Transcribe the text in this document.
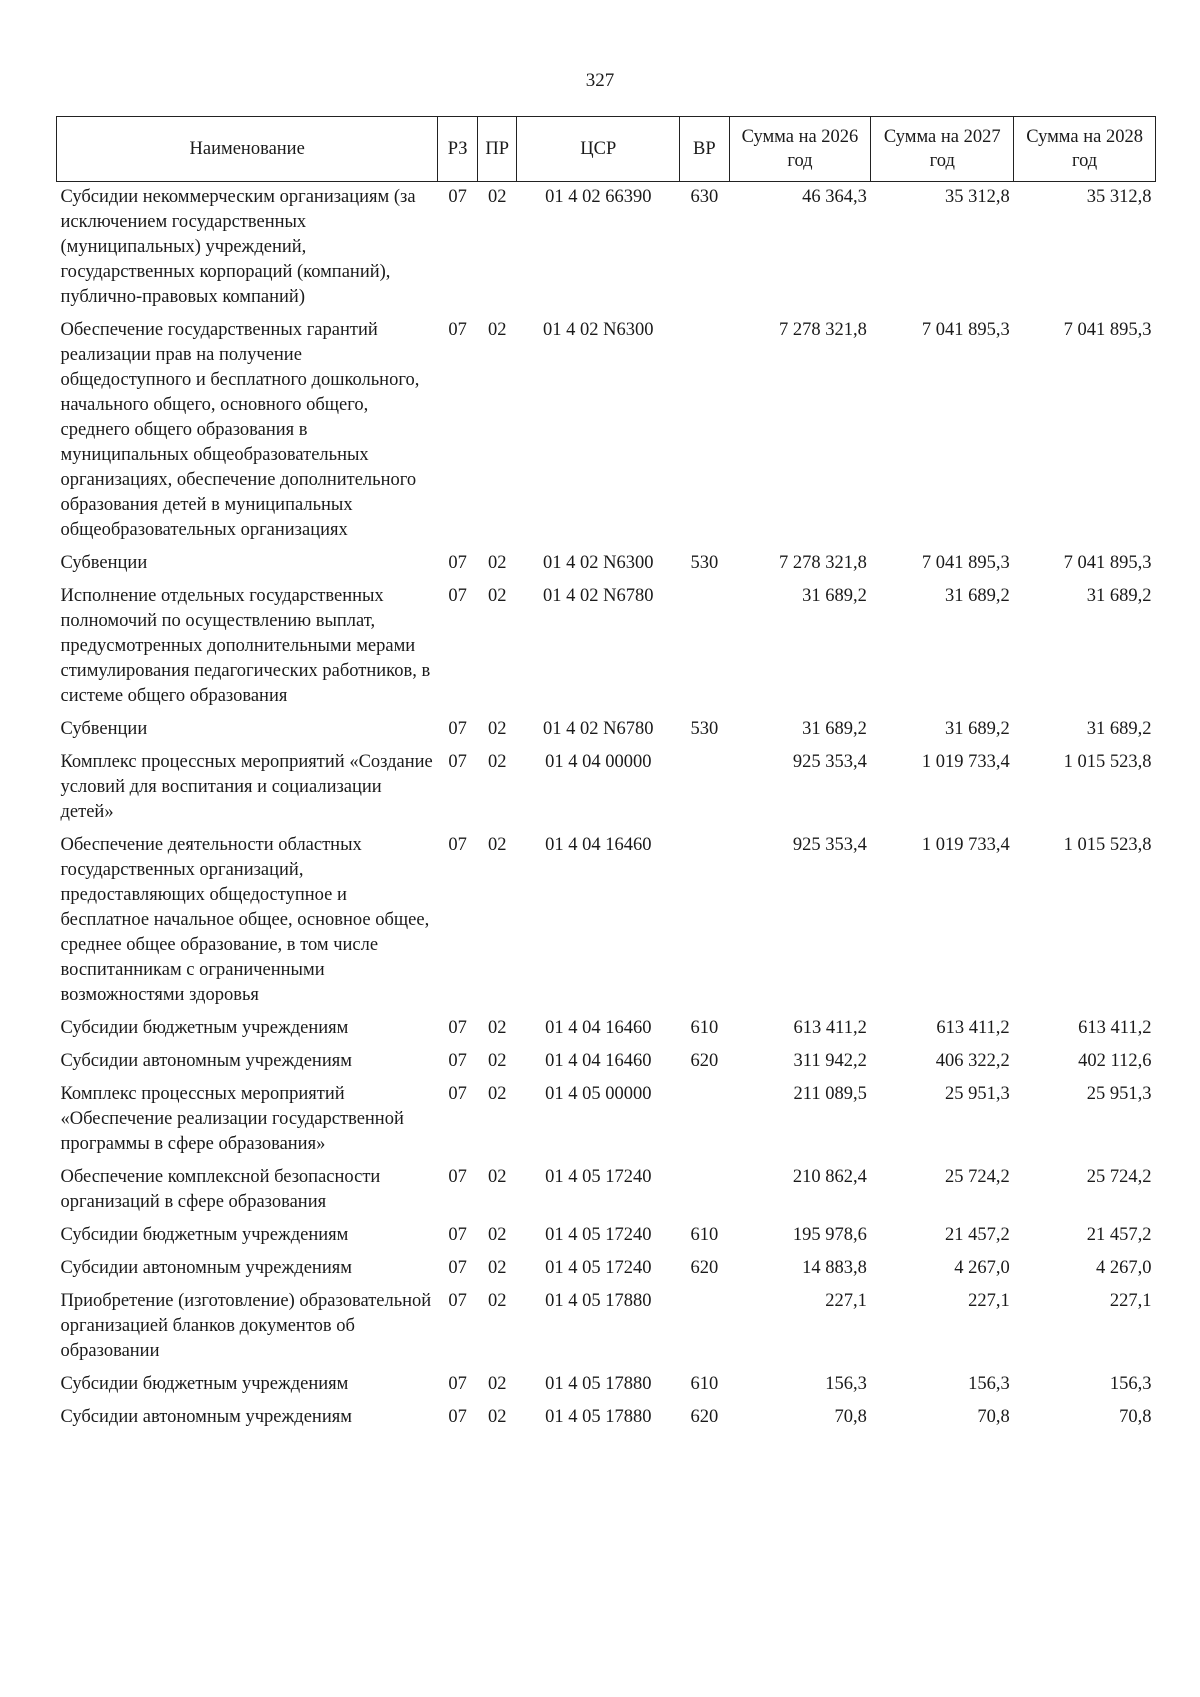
327
Наименование	РЗ	ПР	ЦСР	ВР	Сумма на 2026 год	Сумма на 2027 год	Сумма на 2028 год
Субсидии некоммерческим организациям (за исключением государственных (муниципальных) учреждений, государственных корпораций (компаний), публично-правовых компаний)	07	02	01 4 02 66390	630	46 364,3	35 312,8	35 312,8
Обеспечение государственных гарантий реализации прав на получение общедоступного и бесплатного дошкольного, начального общего, основного общего, среднего общего образования в муниципальных общеобразовательных организациях, обеспечение дополнительного образования детей в муниципальных общеобразовательных организациях	07	02	01 4 02 N6300		7 278 321,8	7 041 895,3	7 041 895,3
Субвенции	07	02	01 4 02 N6300	530	7 278 321,8	7 041 895,3	7 041 895,3
Исполнение отдельных государственных полномочий по осуществлению выплат, предусмотренных дополнительными мерами стимулирования педагогических работников, в системе общего образования	07	02	01 4 02 N6780		31 689,2	31 689,2	31 689,2
Субвенции	07	02	01 4 02 N6780	530	31 689,2	31 689,2	31 689,2
Комплекс процессных мероприятий «Создание условий для воспитания и социализации детей»	07	02	01 4 04 00000		925 353,4	1 019 733,4	1 015 523,8
Обеспечение деятельности областных государственных организаций, предоставляющих общедоступное и бесплатное начальное общее, основное общее, среднее общее образование, в том числе воспитанникам с ограниченными возможностями здоровья	07	02	01 4 04 16460		925 353,4	1 019 733,4	1 015 523,8
Субсидии бюджетным учреждениям	07	02	01 4 04 16460	610	613 411,2	613 411,2	613 411,2
Субсидии автономным учреждениям	07	02	01 4 04 16460	620	311 942,2	406 322,2	402 112,6
Комплекс процессных мероприятий «Обеспечение реализации государственной программы в сфере образования»	07	02	01 4 05 00000		211 089,5	25 951,3	25 951,3
Обеспечение комплексной безопасности организаций в сфере образования	07	02	01 4 05 17240		210 862,4	25 724,2	25 724,2
Субсидии бюджетным учреждениям	07	02	01 4 05 17240	610	195 978,6	21 457,2	21 457,2
Субсидии автономным учреждениям	07	02	01 4 05 17240	620	14 883,8	4 267,0	4 267,0
Приобретение (изготовление) образовательной организацией бланков документов об образовании	07	02	01 4 05 17880		227,1	227,1	227,1
Субсидии бюджетным учреждениям	07	02	01 4 05 17880	610	156,3	156,3	156,3
Субсидии автономным учреждениям	07	02	01 4 05 17880	620	70,8	70,8	70,8
